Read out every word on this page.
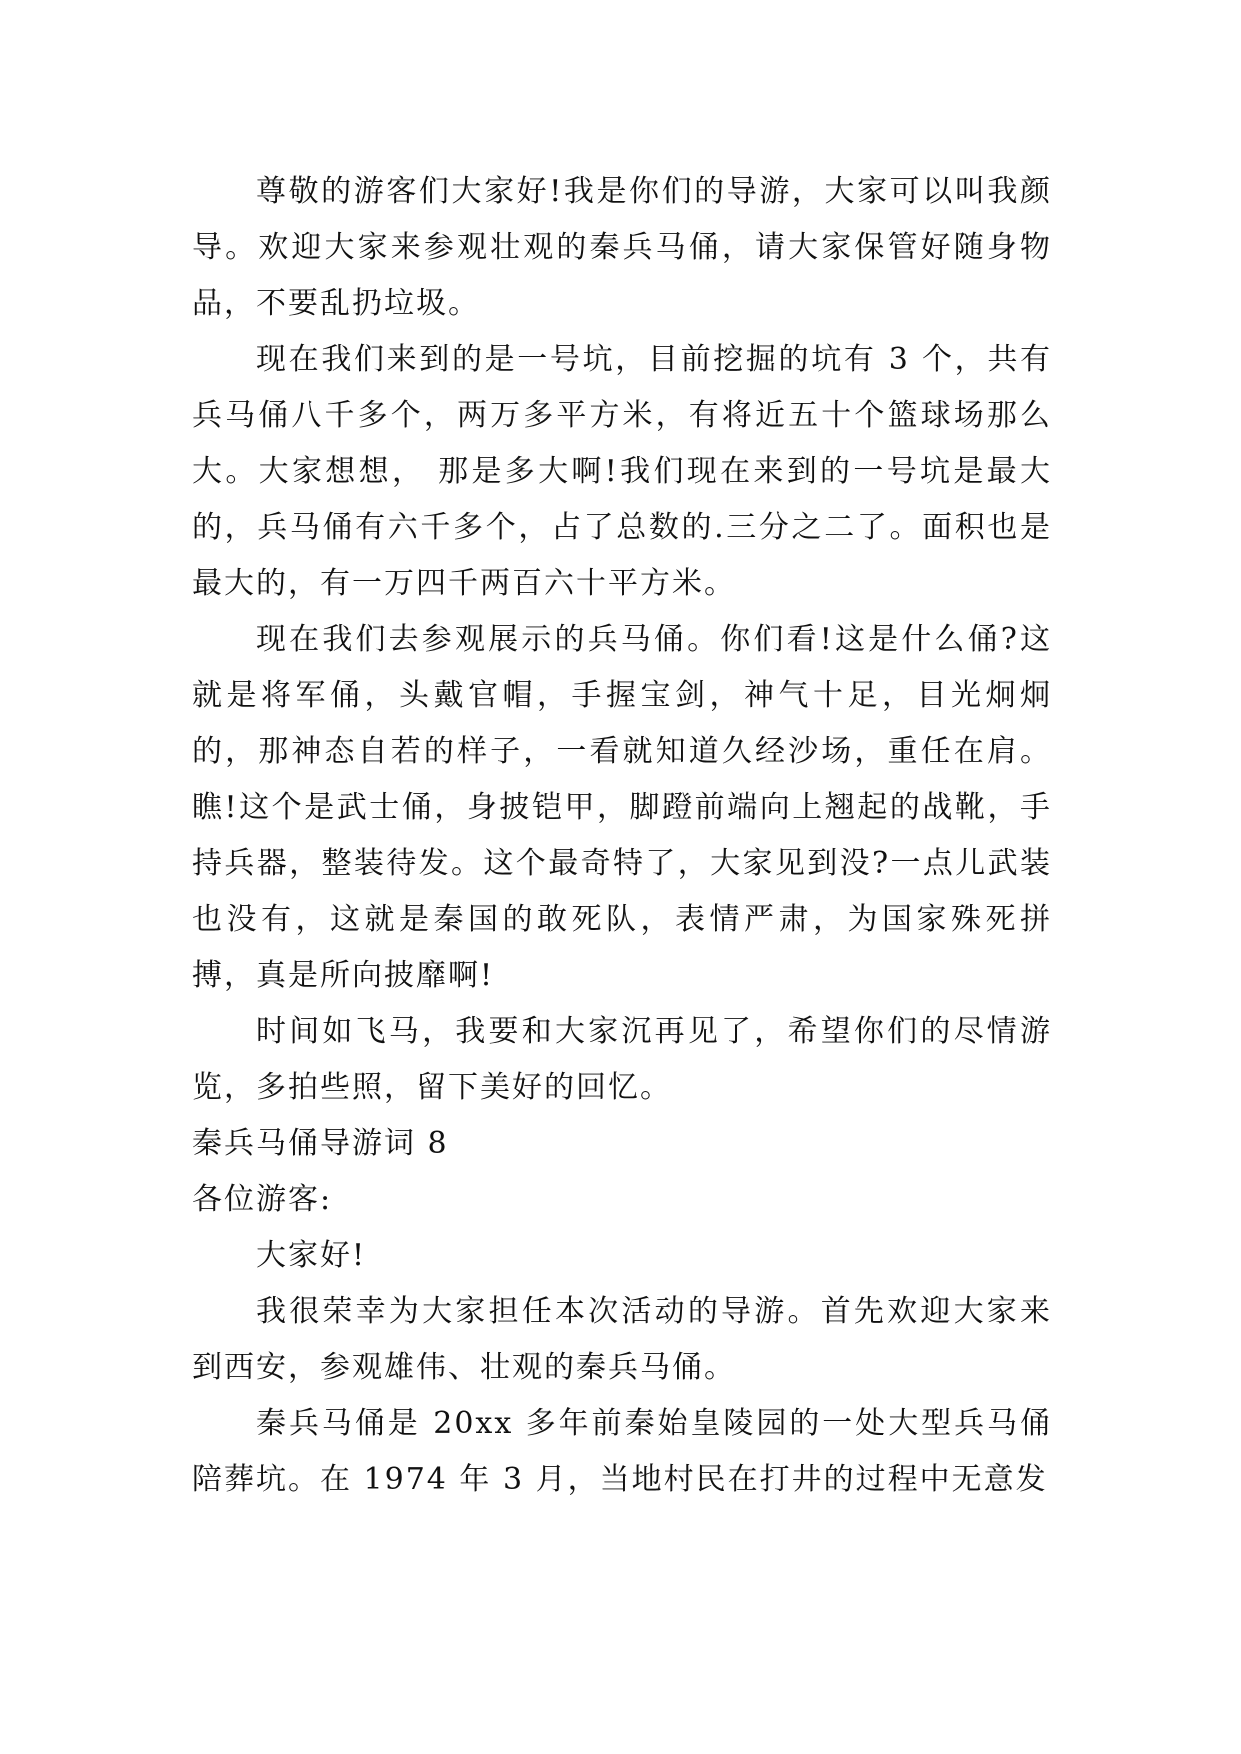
尊敬的游客们大家好!我是你们的导游，大家可以叫我颜导。欢迎大家来参观壮观的秦兵马俑，请大家保管好随身物品，不要乱扔垃圾。

现在我们来到的是一号坑，目前挖掘的坑有 3 个，共有兵马俑八千多个，两万多平方米，有将近五十个篮球场那么大。大家想想， 那是多大啊!我们现在来到的一号坑是最大的，兵马俑有六千多个，占了总数的.三分之二了。面积也是最大的，有一万四千两百六十平方米。

现在我们去参观展示的兵马俑。你们看!这是什么俑?这就是将军俑，头戴官帽，手握宝剑，神气十足，目光炯炯的，那神态自若的样子，一看就知道久经沙场，重任在肩。瞧!这个是武士俑，身披铠甲，脚蹬前端向上翘起的战靴，手持兵器，整装待发。这个最奇特了，大家见到没?一点儿武装也没有，这就是秦国的敢死队，表情严肃，为国家殊死拼搏，真是所向披靡啊!

时间如飞马，我要和大家沉再见了，希望你们的尽情游览，多拍些照，留下美好的回忆。

秦兵马俑导游词 8

各位游客:

大家好!

我很荣幸为大家担任本次活动的导游。首先欢迎大家来到西安，参观雄伟、壮观的秦兵马俑。

秦兵马俑是 20xx 多年前秦始皇陵园的一处大型兵马俑陪葬坑。在 1974 年 3 月，当地村民在打井的过程中无意发
